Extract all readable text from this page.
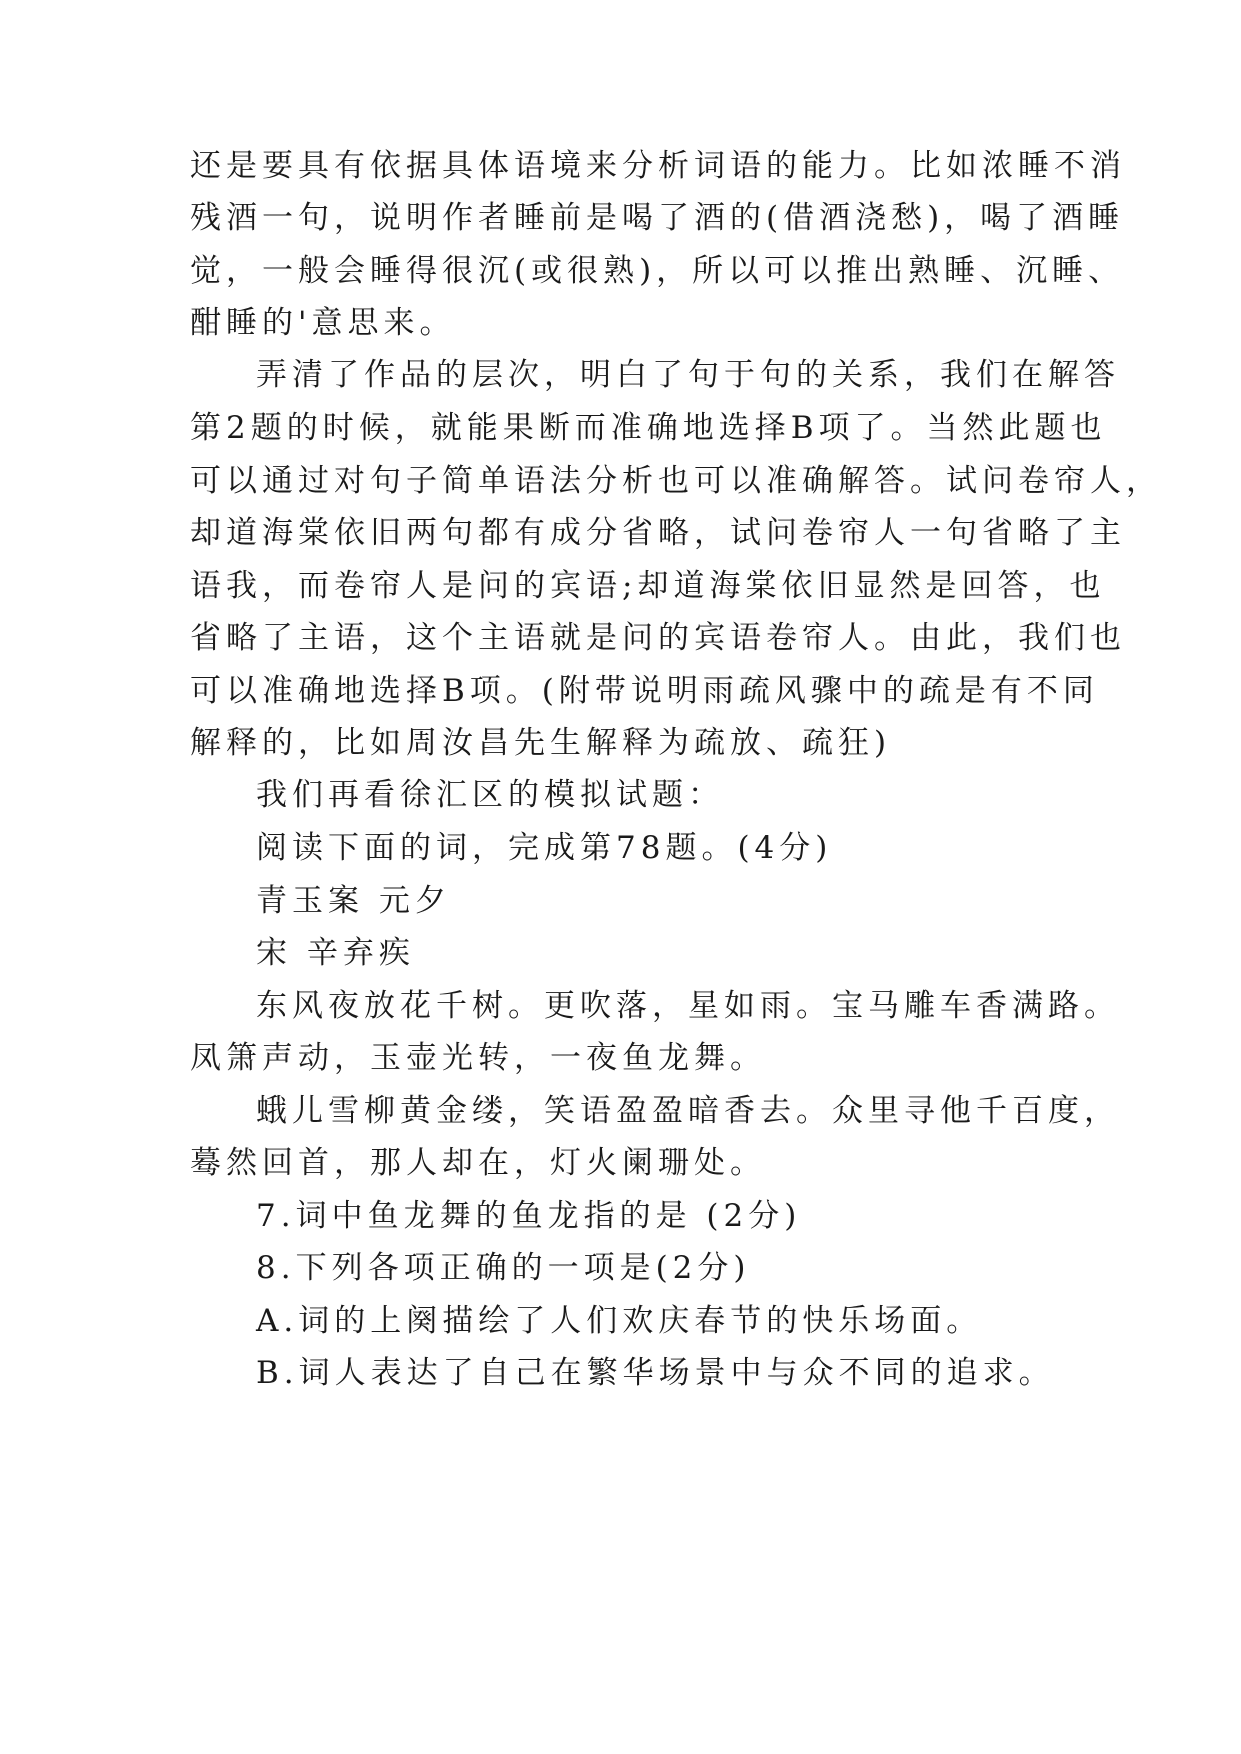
还是要具有依据具体语境来分析词语的能力。比如浓睡不消
残酒一句，说明作者睡前是喝了酒的(借酒浇愁)，喝了酒睡
觉，一般会睡得很沉(或很熟)，所以可以推出熟睡、沉睡、
酣睡的'意思来。
弄清了作品的层次，明白了句于句的关系，我们在解答
第2题的时候，就能果断而准确地选择B项了。当然此题也
可以通过对句子简单语法分析也可以准确解答。试问卷帘人，
却道海棠依旧两句都有成分省略，试问卷帘人一句省略了主
语我，而卷帘人是问的宾语;却道海棠依旧显然是回答，也
省略了主语，这个主语就是问的宾语卷帘人。由此，我们也
可以准确地选择B项。(附带说明雨疏风骤中的疏是有不同
解释的，比如周汝昌先生解释为疏放、疏狂)
我们再看徐汇区的模拟试题：
阅读下面的词，完成第78题。(4分)
青玉案 元夕
宋 辛弃疾
东风夜放花千树。更吹落，星如雨。宝马雕车香满路。
凤箫声动，玉壶光转，一夜鱼龙舞。
蛾儿雪柳黄金缕，笑语盈盈暗香去。众里寻他千百度，
蓦然回首，那人却在，灯火阑珊处。
7.词中鱼龙舞的鱼龙指的是 (2分)
8.下列各项正确的一项是(2分)
A.词的上阕描绘了人们欢庆春节的快乐场面。
B.词人表达了自己在繁华场景中与众不同的追求。
